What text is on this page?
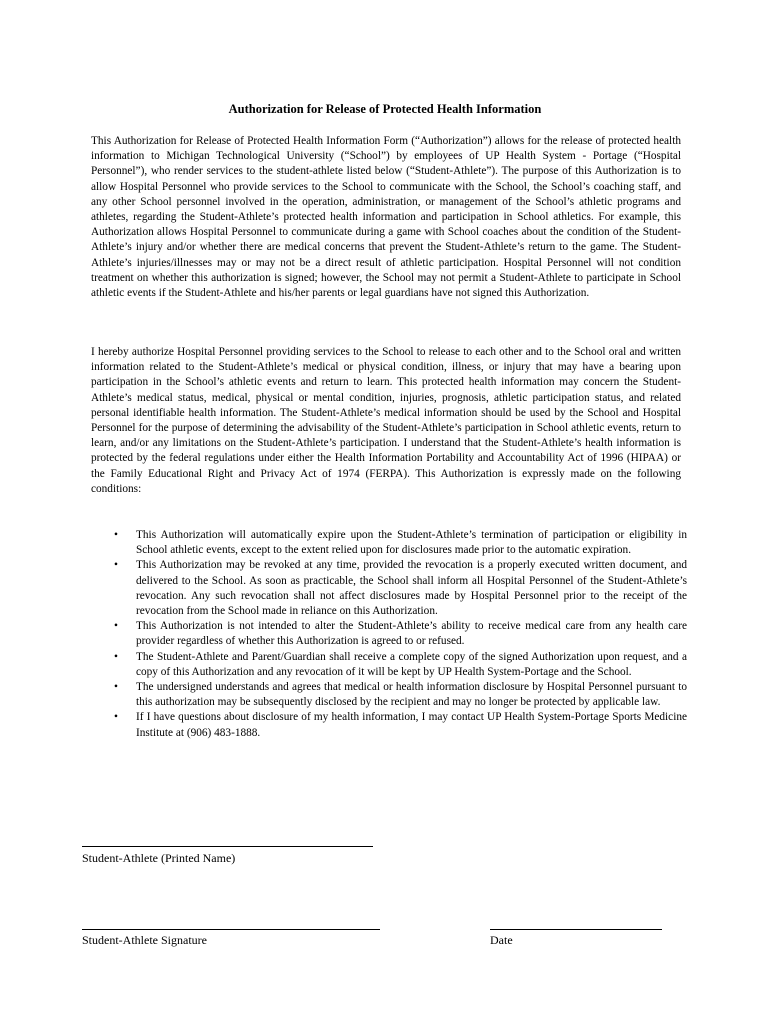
Authorization for Release of Protected Health Information

This Authorization for Release of Protected Health Information Form (“Authorization”) allows for the release of protected health information to Michigan Technological University (“School”) by employees of UP Health System - Portage (“Hospital Personnel”), who render services to the student-athlete listed below (“Student-Athlete”). The purpose of this Authorization is to allow Hospital Personnel who provide services to the School to communicate with the School, the School’s coaching staff, and any other School personnel involved in the operation, administration, or management of the School’s athletic programs and athletes, regarding the Student-Athlete’s protected health information and participation in School athletics. For example, this Authorization allows Hospital Personnel to communicate during a game with School coaches about the condition of the Student-Athlete’s injury and/or whether there are medical concerns that prevent the Student-Athlete’s return to the game. The Student-Athlete’s injuries/illnesses may or may not be a direct result of athletic participation. Hospital Personnel will not condition treatment on whether this authorization is signed; however, the School may not permit a Student-Athlete to participate in School athletic events if the Student-Athlete and his/her parents or legal guardians have not signed this Authorization.

I hereby authorize Hospital Personnel providing services to the School to release to each other and to the School oral and written information related to the Student-Athlete’s medical or physical condition, illness, or injury that may have a bearing upon participation in the School’s athletic events and return to learn. This protected health information may concern the Student-Athlete’s medical status, medical, physical or mental condition, injuries, prognosis, athletic participation status, and related personal identifiable health information. The Student-Athlete’s medical information should be used by the School and Hospital Personnel for the purpose of determining the advisability of the Student-Athlete’s participation in School athletic events, return to learn, and/or any limitations on the Student-Athlete’s participation. I understand that the Student-Athlete’s health information is protected by the federal regulations under either the Health Information Portability and Accountability Act of 1996 (HIPAA) or the Family Educational Right and Privacy Act of 1974 (FERPA). This Authorization is expressly made on the following conditions:

• This Authorization will automatically expire upon the Student-Athlete’s termination of participation or eligibility in School athletic events, except to the extent relied upon for disclosures made prior to the automatic expiration.
• This Authorization may be revoked at any time, provided the revocation is a properly executed written document, and delivered to the School. As soon as practicable, the School shall inform all Hospital Personnel of the Student-Athlete’s revocation. Any such revocation shall not affect disclosures made by Hospital Personnel prior to the receipt of the revocation from the School made in reliance on this Authorization.
• This Authorization is not intended to alter the Student-Athlete’s ability to receive medical care from any health care provider regardless of whether this Authorization is agreed to or refused.
• The Student-Athlete and Parent/Guardian shall receive a complete copy of the signed Authorization upon request, and a copy of this Authorization and any revocation of it will be kept by UP Health System-Portage and the School.
• The undersigned understands and agrees that medical or health information disclosure by Hospital Personnel pursuant to this authorization may be subsequently disclosed by the recipient and may no longer be protected by applicable law.
• If I have questions about disclosure of my health information, I may contact UP Health System-Portage Sports Medicine Institute at (906) 483-1888.
Student-Athlete (Printed Name)
Student-Athlete Signature	Date
